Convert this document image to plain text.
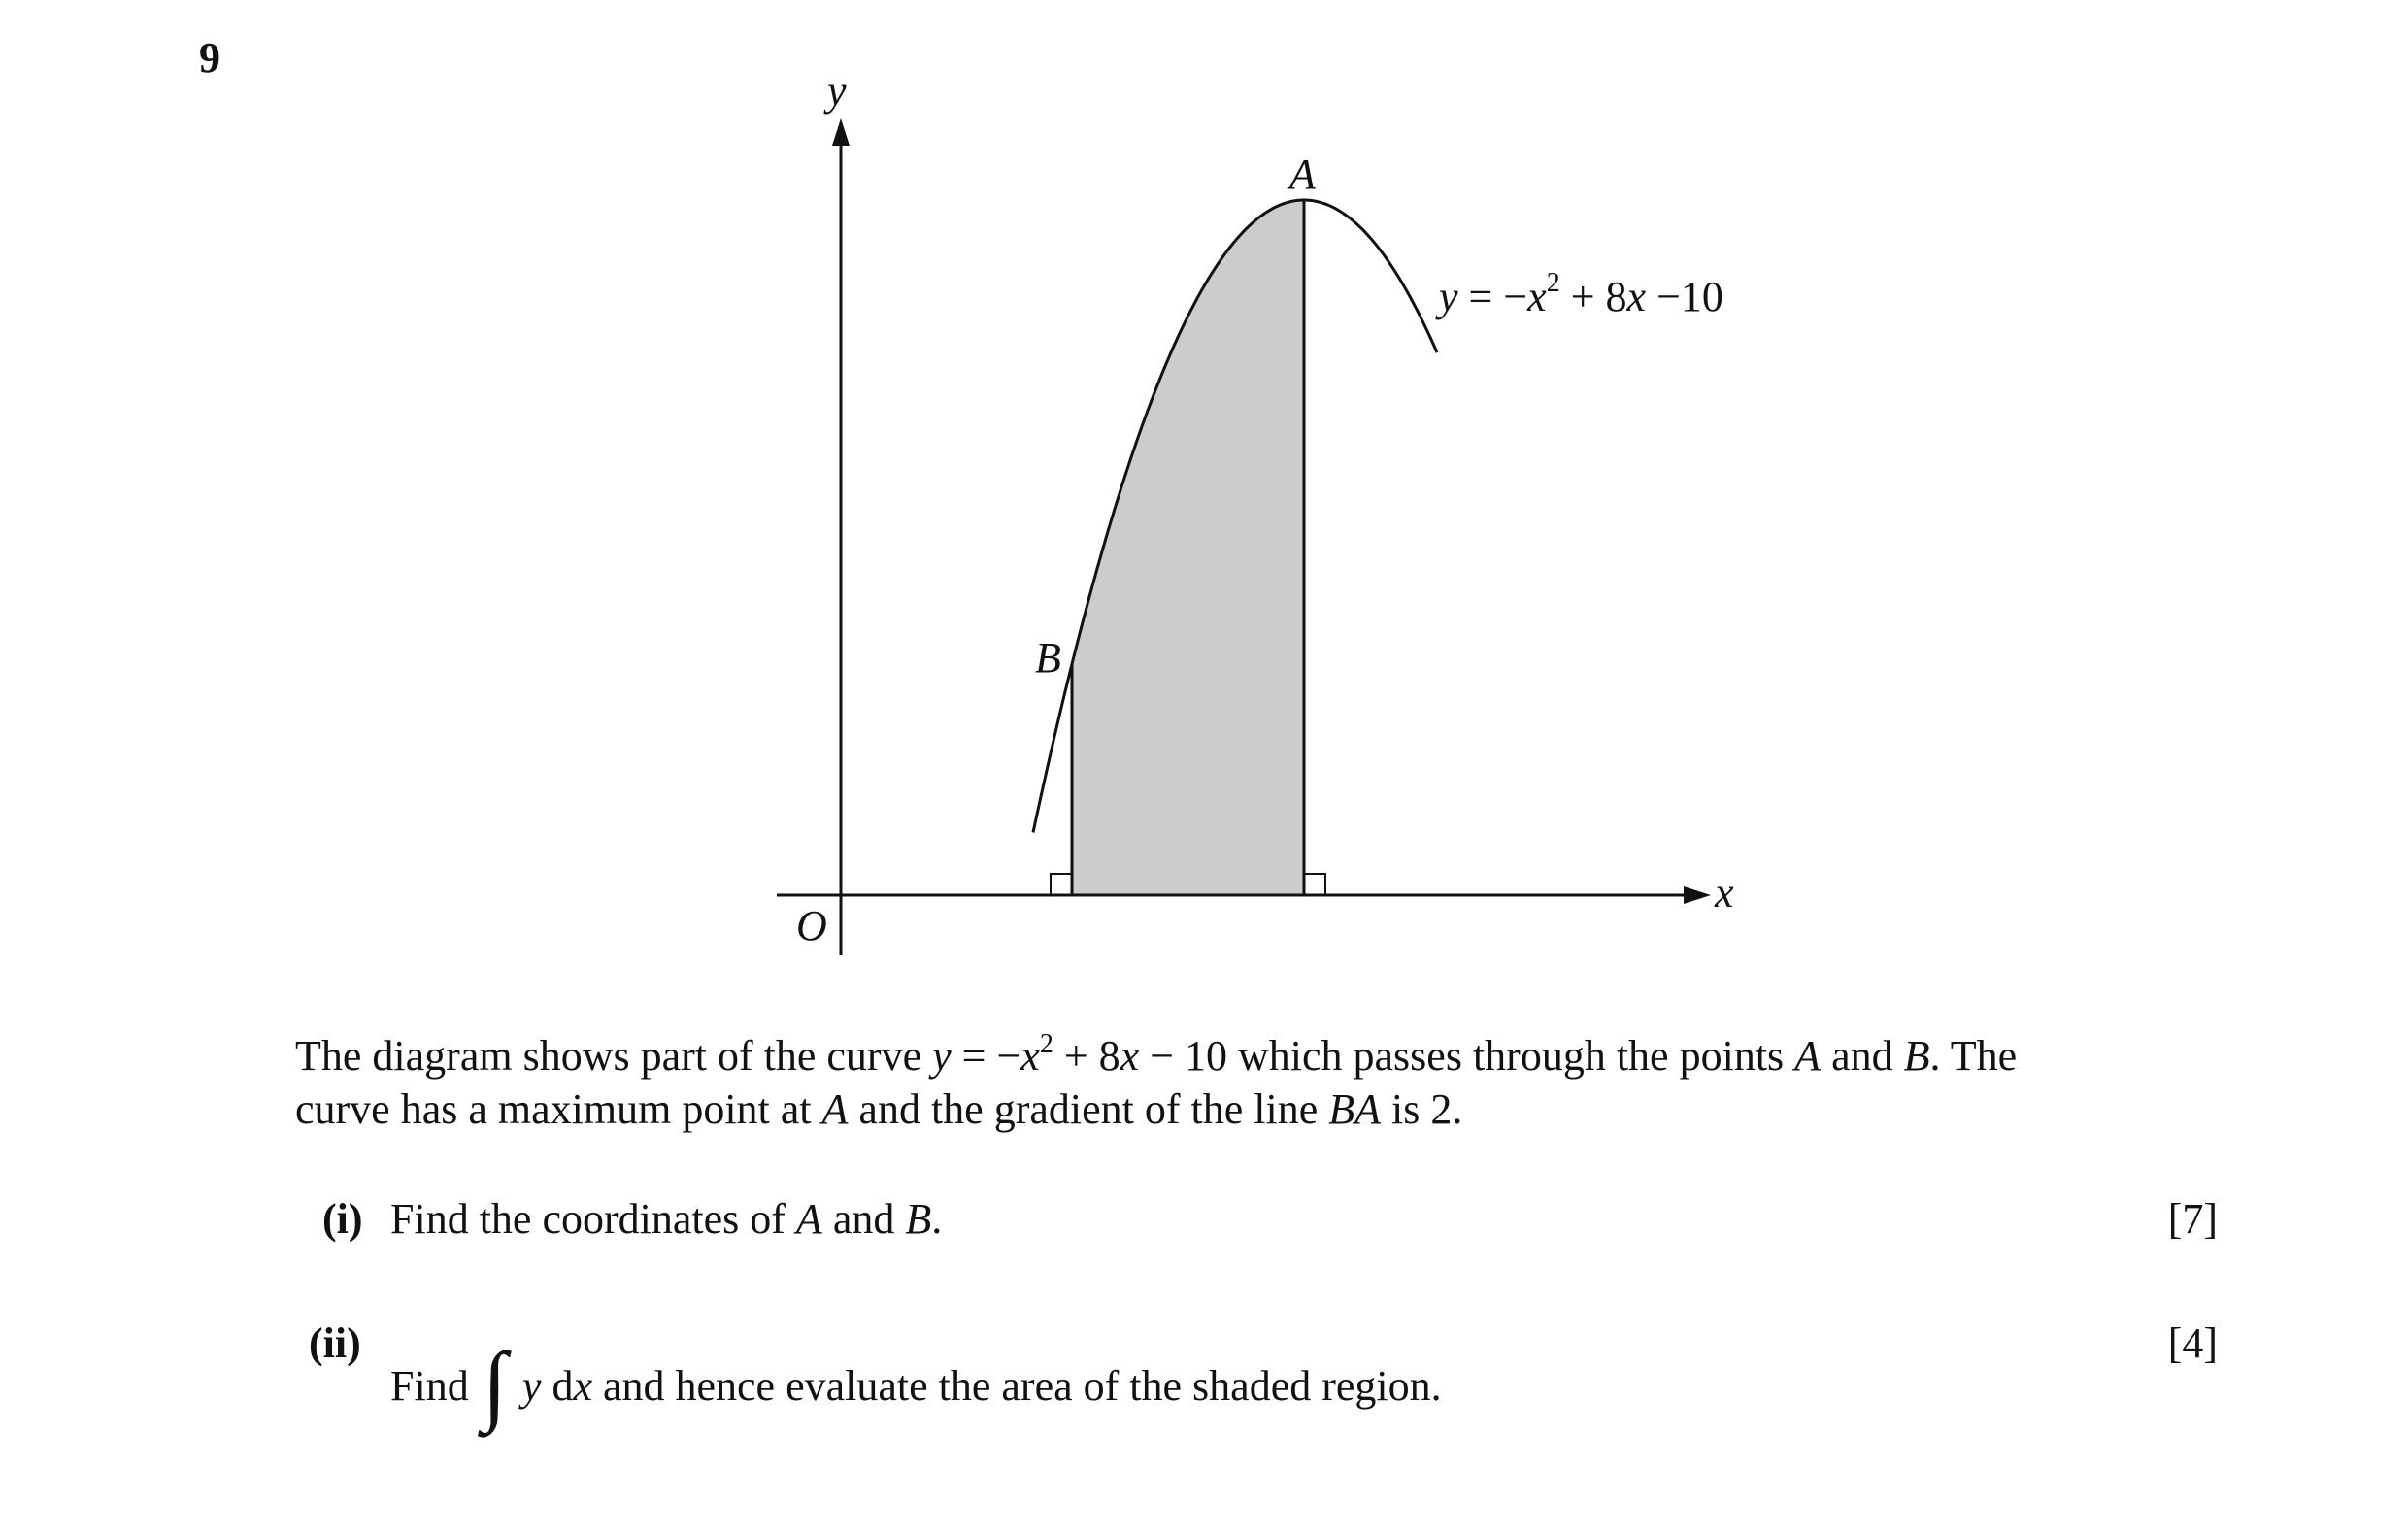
9
y
x
O
A
B
$y = -x^2 + 8x -10$
The diagram shows part of the curve $y = -x^2 + 8x - 10$ which passes through the points A and B. The
curve has a maximum point at A and the gradient of the line BA is 2.
(i) Find the coordinates of A and B.	[7]
(ii)
Find ∫ y dx and hence evaluate the area of the shaded region.
[4]
